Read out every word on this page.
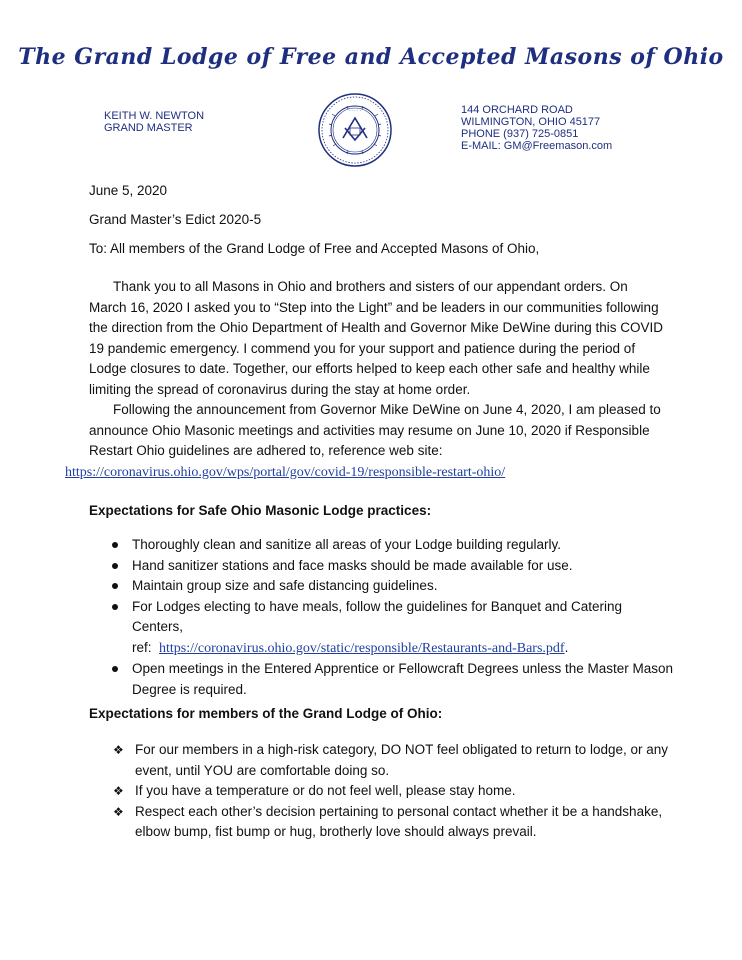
The Grand Lodge of Free and Accepted Masons of Ohio
KEITH W. NEWTON
GRAND MASTER
· · · · ·	144 ORCHARD ROAD
WILMINGTON, OHIO 45177
PHONE (937) 725-0851
E-MAIL: GM@Freemason.com
June 5, 2020
Grand Master’s Edict 2020-5
To: All members of the Grand Lodge of Free and Accepted Masons of Ohio,

Thank you to all Masons in Ohio and brothers and sisters of our appendant orders. On March 16, 2020 I asked you to “Step into the Light” and be leaders in our communities following the direction from the Ohio Department of Health and Governor Mike DeWine during this COVID 19 pandemic emergency. I commend you for your support and patience during the period of Lodge closures to date. Together, our efforts helped to keep each other safe and healthy while limiting the spread of coronavirus during the stay at home order.

Following the announcement from Governor Mike DeWine on June 4, 2020, I am pleased to announce Ohio Masonic meetings and activities may resume on June 10, 2020 if Responsible Restart Ohio guidelines are adhered to, reference web site:
https://coronavirus.ohio.gov/wps/portal/gov/covid-19/responsible-restart-ohio/

Expectations for Safe Ohio Masonic Lodge practices:
Thoroughly clean and sanitize all areas of your Lodge building regularly.
Hand sanitizer stations and face masks should be made available for use.
Maintain group size and safe distancing guidelines.
For Lodges electing to have meals, follow the guidelines for Banquet and Catering Centers,
ref: https://coronavirus.ohio.gov/static/responsible/Restaurants-and-Bars.pdf.
Open meetings in the Entered Apprentice or Fellowcraft Degrees unless the Master Mason Degree is required.
Expectations for members of the Grand Lodge of Ohio:
❖ For our members in a high-risk category, DO NOT feel obligated to return to lodge, or any event, until YOU are comfortable doing so.
❖ If you have a temperature or do not feel well, please stay home.
❖ Respect each other’s decision pertaining to personal contact whether it be a handshake, elbow bump, fist bump or hug, brotherly love should always prevail.
